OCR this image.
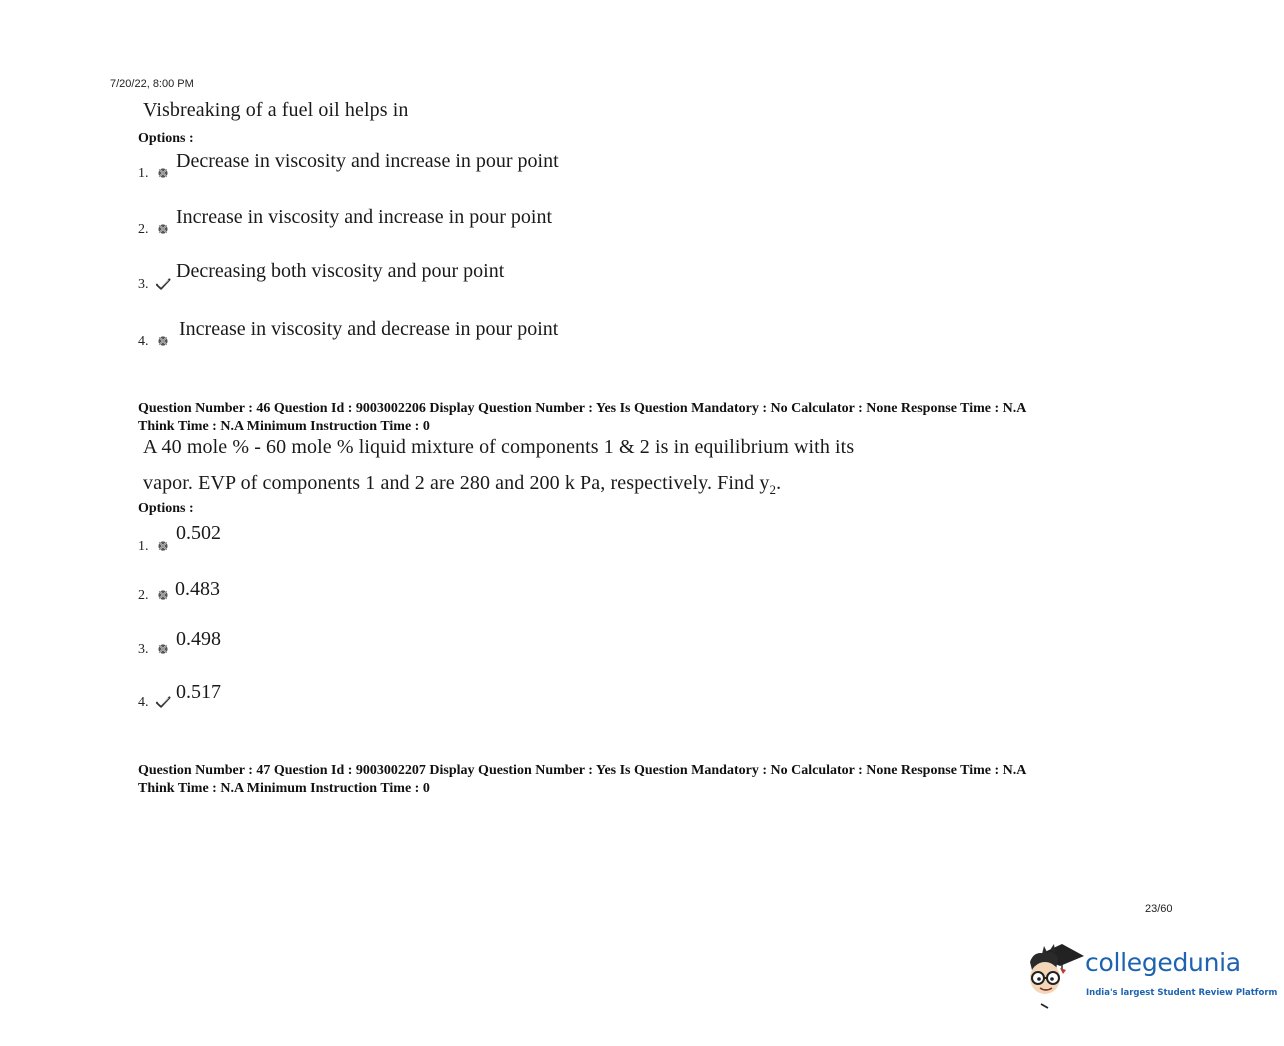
7/20/22, 8:00 PM
Visbreaking of a fuel oil helps in
Options :
1.
Decrease in viscosity and increase in pour point
2.
Increase in viscosity and increase in pour point
3.
Decreasing both viscosity and pour point
4.
Increase in viscosity and decrease in pour point
Question Number : 46 Question Id : 9003002206 Display Question Number : Yes Is Question Mandatory : No Calculator : None Response Time : N.A
Think Time : N.A Minimum Instruction Time : 0
A 40 mole % - 60 mole % liquid mixture of components 1 & 2 is in equilibrium with its
vapor. EVP of components 1 and 2 are 280 and 200 k Pa, respectively. Find $y_2$.
Options :
1.
0.502
2. 0.483
3. 0.498
4. 0.517
Question Number : 47 Question Id : 9003002207 Display Question Number : Yes Is Question Mandatory : No Calculator : None Response Time : N.A
Think Time : N.A Minimum Instruction Time : 0
23/60
collegedunia
India's largest Student Review Platform
